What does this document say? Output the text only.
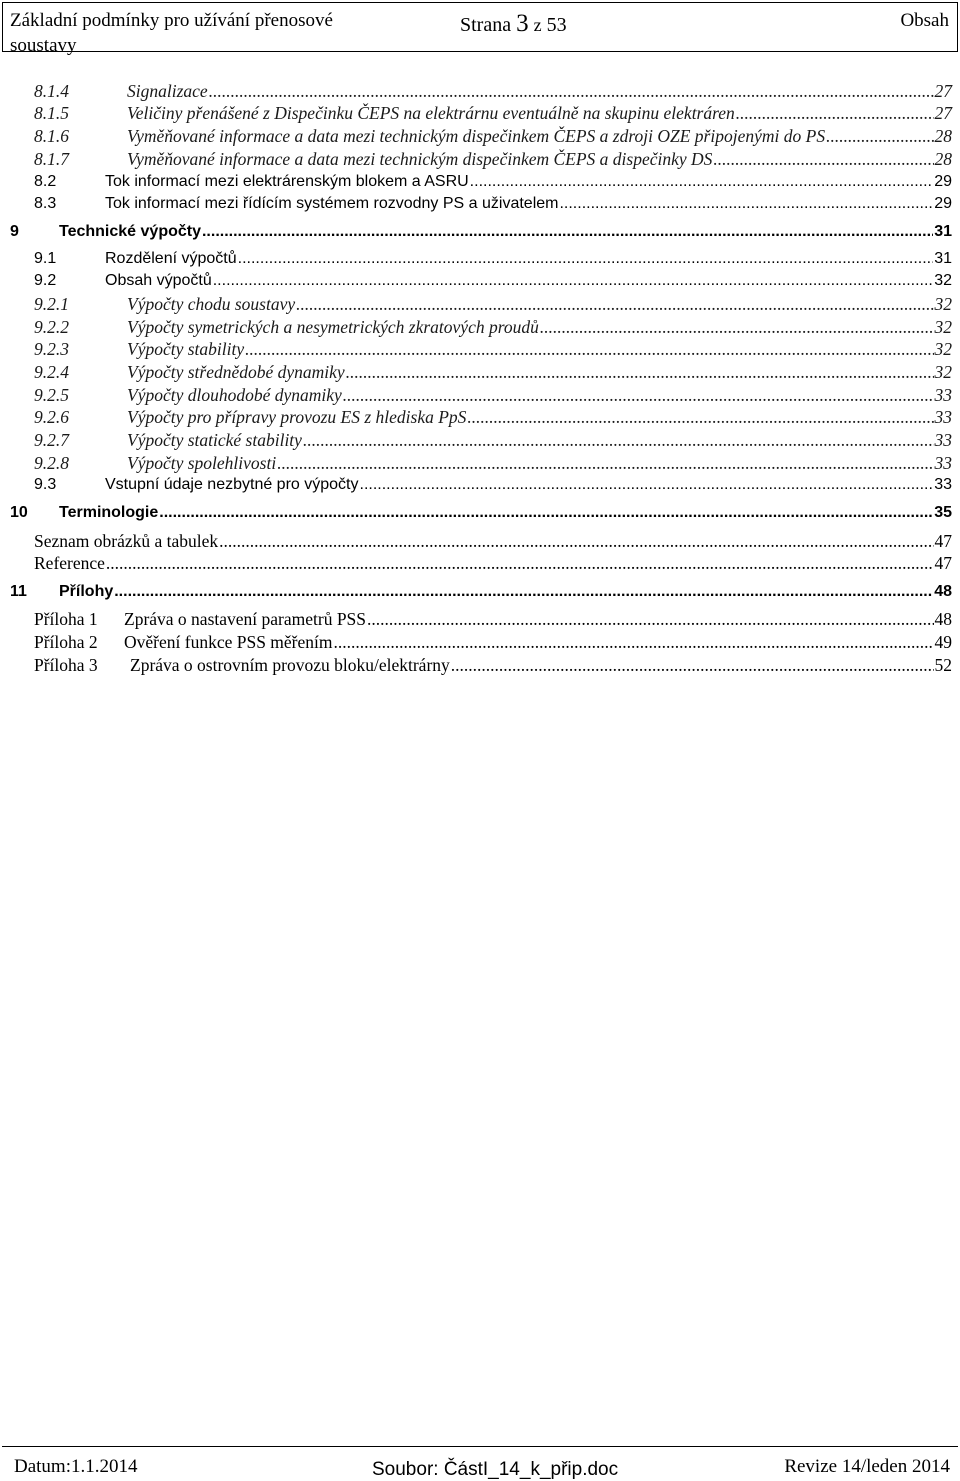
Základní podmínky pro užívání přenosové soustavy
Strana 3 z 53	Obsah
8.1.4	Signalizace .....	27
8.1.5	Veličiny přenášené z Dispečinku ČEPS na elektrárnu eventuálně na skupinu elektráren .....	27
8.1.6	Vyměňované informace a data mezi technickým dispečinkem ČEPS a zdroji OZE připojenými do PS .....	28
8.1.7	Vyměňované informace a data mezi technickým dispečinkem ČEPS a dispečinky DS .....	28
8.2	Tok informací mezi elektrárenským blokem a ASRU .....	29
8.3	Tok informací mezi řídícím systémem rozvodny PS a uživatelem .....	29
9	Technické výpočty .....	31
9.1	Rozdělení výpočtů .....	31
9.2	Obsah výpočtů .....	32
9.2.1	Výpočty chodu soustavy .....	32
9.2.2	Výpočty symetrických a nesymetrických zkratových proudů .....	32
9.2.3	Výpočty stability .....	32
9.2.4	Výpočty střednědobé dynamiky .....	32
9.2.5	Výpočty dlouhodobé dynamiky .....	33
9.2.6	Výpočty pro přípravy provozu ES z hlediska PpS .....	33
9.2.7	Výpočty statické stability .....	33
9.2.8	Výpočty spolehlivosti .....	33
9.3	Vstupní údaje nezbytné pro výpočty .....	33
10	Terminologie .....	35
Seznam obrázků a tabulek .....	47
Reference .....	47
11	Přílohy .....	48
Příloha 1	Zpráva o nastavení parametrů PSS .....	48
Příloha 2	Ověření funkce PSS měřením .....	49
Příloha 3	Zpráva o ostrovním provozu bloku/elektrárny .....	52
Datum:1.1.2014	Soubor: ČástI_14_k_přip.doc	Revize 14/leden 2014
